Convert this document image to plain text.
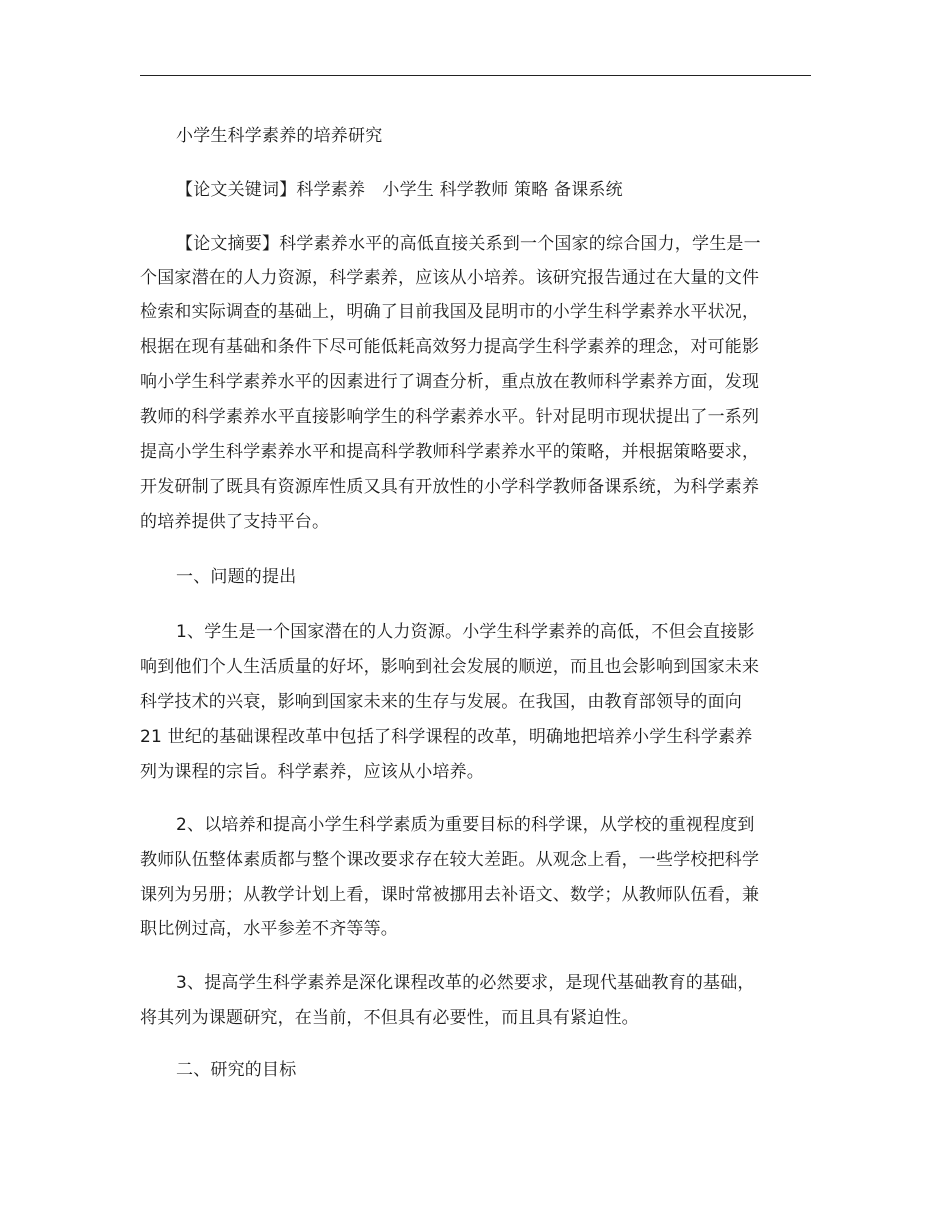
小学生科学素养的培养研究
【论文关键词】科学素养　小学生 科学教师 策略 备课系统
【论文摘要】科学素养水平的高低直接关系到一个国家的综合国力，学生是一
个国家潜在的人力资源，科学素养，应该从小培养。该研究报告通过在大量的文件
检索和实际调查的基础上，明确了目前我国及昆明市的小学生科学素养水平状况，
根据在现有基础和条件下尽可能低耗高效努力提高学生科学素养的理念，对可能影
响小学生科学素养水平的因素进行了调查分析，重点放在教师科学素养方面，发现
教师的科学素养水平直接影响学生的科学素养水平。针对昆明市现状提出了一系列
提高小学生科学素养水平和提高科学教师科学素养水平的策略，并根据策略要求，
开发研制了既具有资源库性质又具有开放性的小学科学教师备课系统，为科学素养
的培养提供了支持平台。
一、问题的提出
1、学生是一个国家潜在的人力资源。小学生科学素养的高低，不但会直接影
响到他们个人生活质量的好坏，影响到社会发展的顺逆，而且也会影响到国家未来
科学技术的兴衰，影响到国家未来的生存与发展。在我国，由教育部领导的面向
21 世纪的基础课程改革中包括了科学课程的改革，明确地把培养小学生科学素养
列为课程的宗旨。科学素养，应该从小培养。
2、以培养和提高小学生科学素质为重要目标的科学课，从学校的重视程度到
教师队伍整体素质都与整个课改要求存在较大差距。从观念上看，一些学校把科学
课列为另册；从教学计划上看，课时常被挪用去补语文、数学；从教师队伍看，兼
职比例过高，水平参差不齐等等。
3、提高学生科学素养是深化课程改革的必然要求，是现代基础教育的基础，
将其列为课题研究，在当前，不但具有必要性，而且具有紧迫性。
二、研究的目标
